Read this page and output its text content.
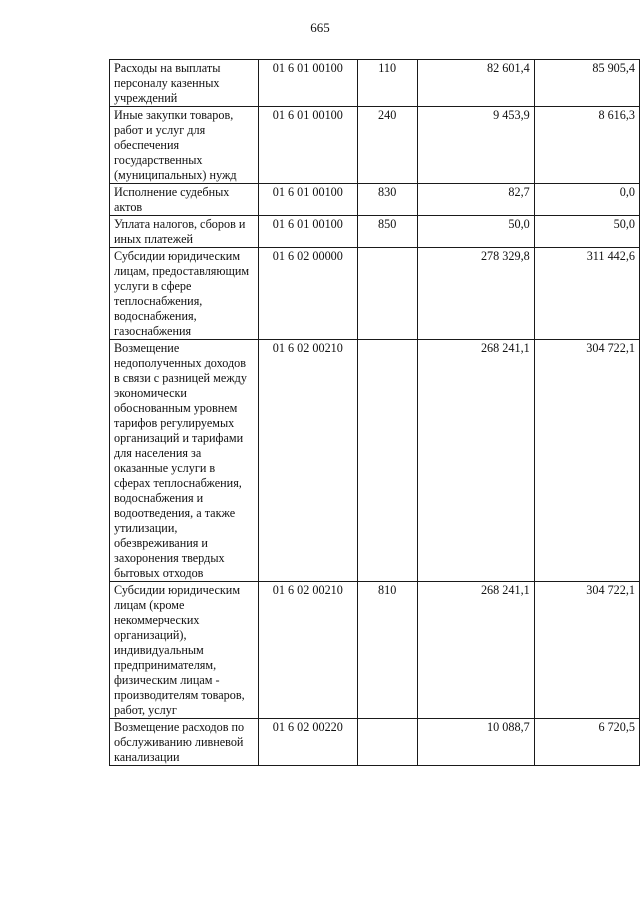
665
Расходы на выплаты персоналу казенных учреждений	01 6 01 00100	110	82 601,4	85 905,4
Иные закупки товаров, работ и услуг для обеспечения государственных (муниципальных) нужд	01 6 01 00100	240	9 453,9	8 616,3
Исполнение судебных актов	01 6 01 00100	830	82,7	0,0
Уплата налогов, сборов и иных платежей	01 6 01 00100	850	50,0	50,0
Субсидии юридическим лицам, предоставляющим услуги в сфере теплоснабжения, водоснабжения, газоснабжения	01 6 02 00000		278 329,8	311 442,6
Возмещение недополученных доходов в связи с разницей между экономически обоснованным уровнем тарифов регулируемых организаций и тарифами для населения за оказанные услуги в сферах теплоснабжения, водоснабжения и водоотведения, а также утилизации, обезвреживания и захоронения твердых бытовых отходов	01 6 02 00210		268 241,1	304 722,1
Субсидии юридическим лицам (кроме некоммерческих организаций), индивидуальным предпринимателям, физическим лицам - производителям товаров, работ, услуг	01 6 02 00210	810	268 241,1	304 722,1
Возмещение расходов по обслуживанию ливневой канализации	01 6 02 00220		10 088,7	6 720,5
